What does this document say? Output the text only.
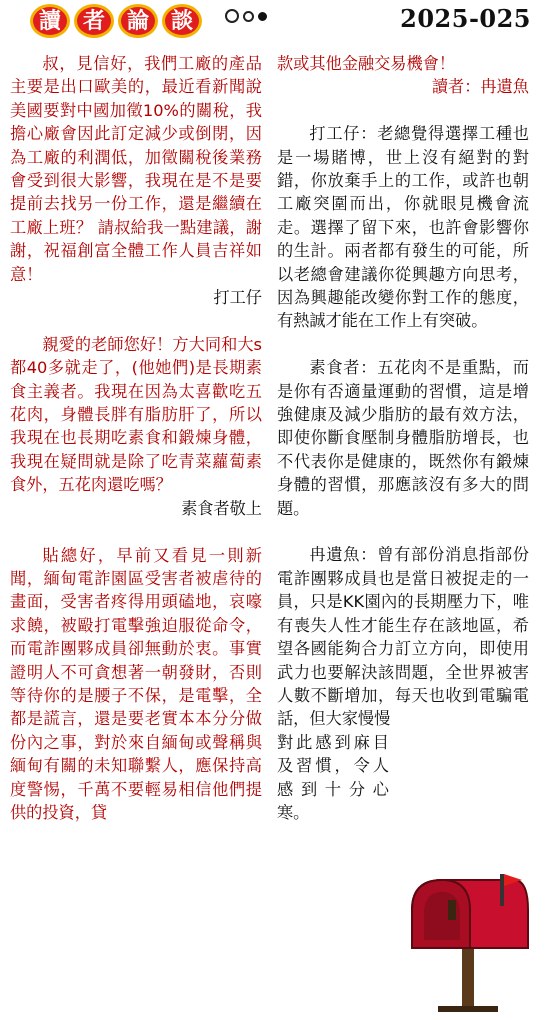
讀 者 論 談	2025-025

叔，見信好，我們工廠的產品主要是出口歐美的，最近看新聞說美國要對中國加徵10%的關稅，我擔心廠會因此訂定減少或倒閉，因為工廠的利潤低，加徵關稅後業務會受到很大影響，我現在是不是要提前去找另一份工作，還是繼續在工廠上班？ 請叔給我一點建議，謝謝，祝福創富全體工作人員吉祥如意！

打工仔

親愛的老師您好！方大同和大s都40多就走了，(他她們)是長期素食主義者。我現在因為太喜歡吃五花肉，身體長胖有脂肪肝了，所以我現在也長期吃素食和鍛煉身體，我現在疑問就是除了吃青菜蘿蔔素食外，五花肉還吃嗎？

素食者敬上

貼總好，早前又看見一則新聞，緬甸電詐園區受害者被虐待的畫面，受害者疼得用頭磕地，哀嚎求饒，被毆打電擊強迫服從命令，而電詐團夥成員卻無動於衷。事實證明人不可貪想著一朝發財，否則等待你的是腰子不保，是電擊，全都是謊言，還是要老實本本分分做份內之事，對於來自緬甸或聲稱與緬甸有關的未知聯繫人，應保持高度警惕，千萬不要輕易相信他們提供的投資，貸

款或其他金融交易機會！

讀者：冉遺魚

打工仔：老總覺得選擇工種也是一場賭博，世上沒有絕對的對錯，你放棄手上的工作，或許也朝工廠突圍而出，你就眼見機會流走。選擇了留下來，也許會影響你的生計。兩者都有發生的可能，所以老總會建議你從興趣方向思考，因為興趣能改變你對工作的態度，有熱誠才能在工作上有突破。

素食者：五花肉不是重點，而是你有否適量運動的習慣，這是增強健康及減少脂肪的最有效方法，即使你斷食壓制身體脂肪增長，也不代表你是健康的，既然你有鍛煉身體的習慣，那應該沒有多大的問題。

冉遺魚：曾有部份消息指部份電詐團夥成員也是當日被捉走的一員，只是KK園內的長期壓力下，唯有喪失人性才能生存在該地區，希望各國能夠合力訂立方向，即使用武力也要解決該問題，全世界被害人數不斷增加，每天也收到電騙電話，但大家慢慢

對此感到麻目及習慣，令人感到十分心寒。
